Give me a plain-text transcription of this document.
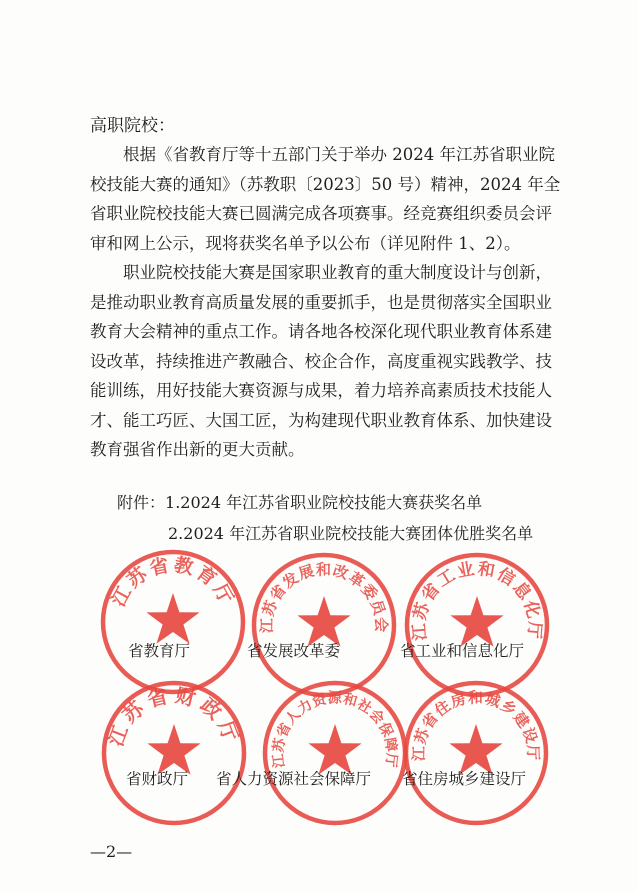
高职院校：
根据《省教育厅等十五部门关于举办 2024 年江苏省职业院
校技能大赛的通知》（苏教职〔2023〕50 号）精神，2024 年全
省职业院校技能大赛已圆满完成各项赛事。经竞赛组织委员会评
审和网上公示，现将获奖名单予以公布（详见附件 1、2）。
职业院校技能大赛是国家职业教育的重大制度设计与创新，
是推动职业教育高质量发展的重要抓手，也是贯彻落实全国职业
教育大会精神的重点工作。请各地各校深化现代职业教育体系建
设改革，持续推进产教融合、校企合作，高度重视实践教学、技
能训练，用好技能大赛资源与成果，着力培养高素质技术技能人
才、能工巧匠、大国工匠，为构建现代职业教育体系、加快建设
教育强省作出新的更大贡献。
附件：1.2024 年江苏省职业院校技能大赛获奖名单
2.2024 年江苏省职业院校技能大赛团体优胜奖名单
江苏省教育厅
江苏省发展和改革委员会 江苏省工业和信息化厅
江苏省财政厅
江苏省人力资源和社会保障厅 江苏省住房和城乡建设厅
省教育厅	省发展改革委	省工业和信息化厅
省财政厅 省人力资源社会保障厅 省住房城乡建设厅
—2—
